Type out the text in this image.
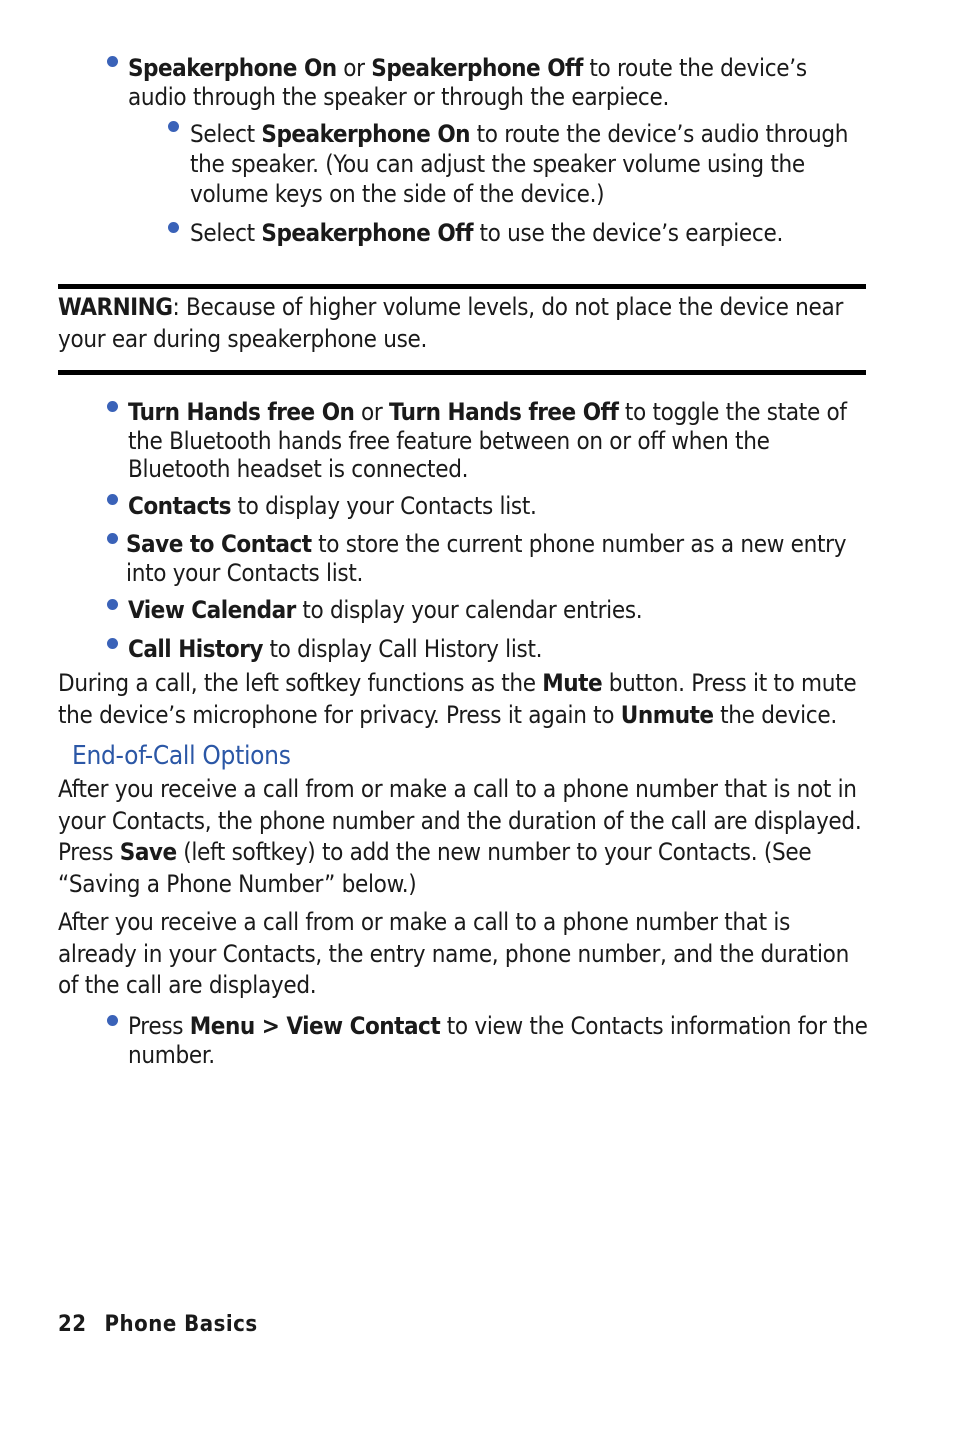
Speakerphone On or Speakerphone Off to route the device’s audio through the speaker or through the earpiece.
Select Speakerphone On to route the device’s audio through the speaker. (You can adjust the speaker volume using the volume keys on the side of the device.)
Select Speakerphone Off to use the device’s earpiece.
WARNING: Because of higher volume levels, do not place the device near your ear during speakerphone use.
Turn Hands free On or Turn Hands free Off to toggle the state of the Bluetooth hands free feature between on or off when the Bluetooth headset is connected.
Contacts to display your Contacts list.
Save to Contact to store the current phone number as a new entry into your Contacts list.
View Calendar to display your calendar entries.
Call History to display Call History list.
During a call, the left softkey functions as the Mute button. Press it to mute the device’s microphone for privacy. Press it again to Unmute the device.
End-of-Call Options
After you receive a call from or make a call to a phone number that is not in your Contacts, the phone number and the duration of the call are displayed. Press Save (left softkey) to add the new number to your Contacts. (See “Saving a Phone Number” below.)
After you receive a call from or make a call to a phone number that is already in your Contacts, the entry name, phone number, and the duration of the call are displayed.
Press Menu > View Contact to view the Contacts information for the number.
22 Phone Basics
